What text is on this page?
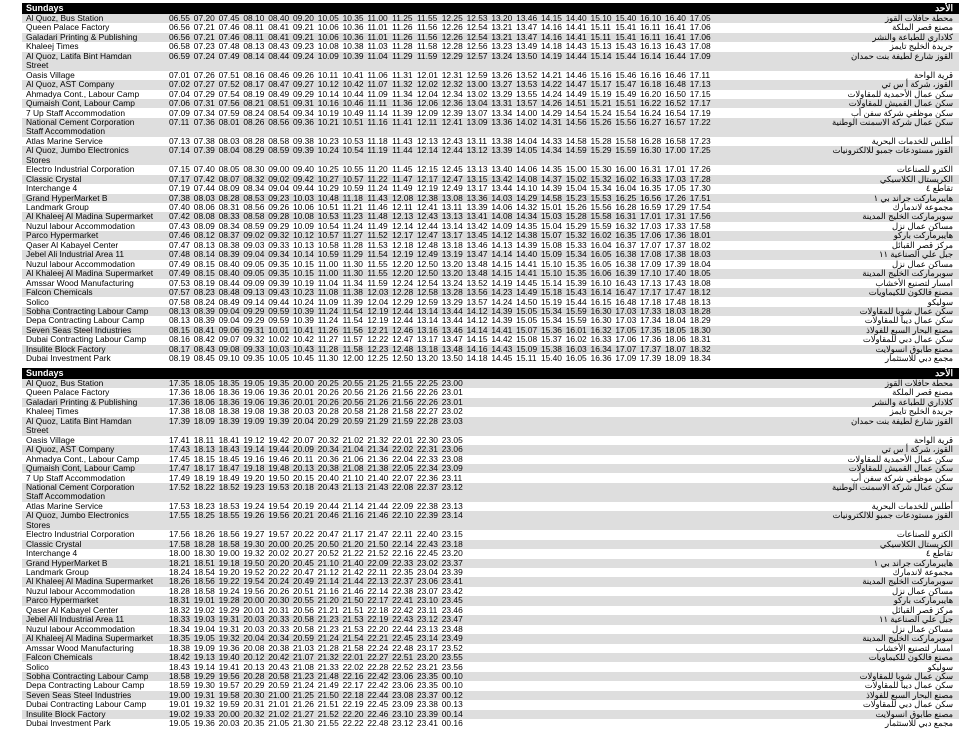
Sundays	الأحد
Al Quoz, Bus Station	06.55 07.20 07.45 08.10 08.40 09.20 10.05 10.35 11.00 11.25 11.55 12.25 12.53 13.20 13.46 14.15 14.40 15.10 15.40 16.10 16.40 17.05	محطة حافلات القوز
Queen Palace Factory	06.56 07.21 07.46 08.11 08.41 09.21 10.06 10.36 11.01 11.26 11.56 12.26 12.54 13.21 13.47 14.16 14.41 15.11 15.41 16.11 16.41 17.06	مصنع قصر الملكة
Galadari Printing & Publishing	06.56 07.21 07.46 08.11 08.41 09.21 10.06 10.36 11.01 11.26 11.56 12.26 12.54 13.21 13.47 14.16 14.41 15.11 15.41 16.11 16.41 17.06	كلاداري للطباعة والنشر
Khaleej Times	06.58 07.23 07.48 08.13 08.43 09.23 10.08 10.38 11.03 11.28 11.58 12.28 12.56 13.23 13.49 14.18 14.43 15.13 15.43 16.13 16.43 17.08	جريدة الخليج تايمز
Al Quoz, Latifa Bint Hamdan
Street
06.59 07.24 07.49 08.14 08.44 09.24 10.09 10.39 11.04 11.29 11.59 12.29 12.57 13.24 13.50 14.19 14.44 15.14 15.44 16.14 16.44 17.09	القوز شارع لطيفة بنت حمدان
Oasis Village	07.01 07.26 07.51 08.16 08.46 09.26 10.11 10.41 11.06 11.31 12.01 12.31 12.59 13.26 13.52 14.21 14.46 15.16 15.46 16.16 16.46 17.11	قرية الواحة
Al Quoz, AST Company	07.02 07.27 07.52 08.17 08.47 09.27 10.12 10.42 11.07 11.32 12.02 12.32 13.00 13.27 13.53 14.22 14.47 15.17 15.47 16.18 16.48 17.13	القوز، شركة أ س تي
Ahmadya Cont., Labour Camp	07.04 07.29 07.54 08.19 08.49 09.29 10.14 10.44 11.09 11.34 12.04 12.34 13.02 13.29 13.55 14.24 14.49 15.19 15.49 16.20 16.50 17.15	سكن عمال الأحمدية للمقاولات
Qumaish Cont, Labour Camp	07.06 07.31 07.56 08.21 08.51 09.31 10.16 10.46 11.11 11.36 12.06 12.36 13.04 13.31 13.57 14.26 14.51 15.21 15.51 16.22 16.52 17.17	سكن عمال القميش للمقاولات
7 Up Staff Accommodation	07.09 07.34 07.59 08.24 08.54 09.34 10.19 10.49 11.14 11.39 12.09 12.39 13.07 13.34 14.00 14.29 14.54 15.24 15.54 16.24 16.54 17.19	سكن موظفي شركة سفن أب
National Cement Corporation
Staff Accommodation
07.11 07.36 08.01 08.26 08.56 09.36 10.21 10.51 11.16 11.41 12.11 12.41 13.09 13.36 14.02 14.31 14.56 15.26 15.56 16.27 16.57 17.22	سكن عمال شركة الاسمنت الوطنية
Atlas Marine Service	07.13 07.38 08.03 08.28 08.58 09.38 10.23 10.53 11.18 11.43 12.13 12.43 13.11 13.38 14.04 14.33 14.58 15.28 15.58 16.28 16.58 17.23	أطلس للخدمات البحرية
Al Quoz, Jumbo Electronics
Stores
07.14 07.39 08.04 08.29 08.59 09.39 10.24 10.54 11.19 11.44 12.14 12.44 13.12 13.39 14.05 14.34 14.59 15.29 15.59 16.30 17.00 17.25	القوز مستودعات جمبو للالكترونيات
Electro Industrial Corporation	07.15 07.40 08.05 08.30 09.00 09.40 10.25 10.55 11.20 11.45 12.15 12.45 13.13 13.40 14.06 14.35 15.00 15.30 16.00 16.31 17.01 17.26	الكترو للصناعات
Classic Crystal	07.17 07.42 08.07 08.32 09.02 09.42 10.27 10.57 11.22 11.47 12.17 12.47 13.15 13.42 14.08 14.37 15.02 15.32 16.02 16.33 17.03 17.28	الكريستال الكلاسيكي
Interchange 4	07.19 07.44 08.09 08.34 09.04 09.44 10.29 10.59 11.24 11.49 12.19 12.49 13.17 13.44 14.10 14.39 15.04 15.34 16.04 16.35 17.05 17.30	تقاطع ٤
Grand HyperMarket B	07.38 08.03 08.28 08.53 09.23 10.03 10.48 11.18 11.43 12.08 12.38 13.08 13.36 14.03 14.29 14.58 15.23 15.53 16.25 16.56 17.26 17.51	هايبرماركت جراند بي ١
Landmark Group	07.40 08.06 08.31 08.56 09.26 10.06 10.51 11.21 11.46 12.11 12.41 13.11 13.39 14.06 14.32 15.01 15.26 15.56 16.28 16.59 17.29 17.54	مجموعة لاندمارك
Al Khaleej Al Madina Supermarket 07.42 08.08 08.33 08.58 09.28 10.08 10.53 11.23 11.48 12.13 12.43 13.13 13.41 14.08 14.34 15.03 15.28 15.58 16.31 17.01 17.31 17.56	سوبرماركت الخليج المدينة
Nuzul labour Accommodation	07.43 08.09 08.34 08.59 09.29 10.09 10.54 11.24 11.49 12.14 12.44 13.14 13.42 14.09 14.35 15.04 15.29 15.59 16.32 17.03 17.33 17.58	مساكن عمال نزل
Parco Hypermarket	07.46 08.12 08.37 09.02 09.32 10.12 10.57 11.27 11.52 12.17 12.47 13.17 13.45 14.12 14.38 15.07 15.32 16.02 16.35 17.06 17.36 18.01	هايبرماركت باركو
Qaser Al Kabayel Center	07.47 08.13 08.38 09.03 09.33 10.13 10.58 11.28 11.53 12.18 12.48 13.18 13.46 14.13 14.39 15.08 15.33 16.04 16.37 17.07 17.37 18.02	مركز قصر القبائل
Jebel Ali Industrial Area 11	07.48 08.14 08.39 09.04 09.34 10.14 10.59 11.29 11.54 12.19 12.49 13.19 13.47 14.14 14.40 15.09 15.34 16.05 16.38 17.08 17.38 18.03	جبل علي الصناعية ١١
Nuzul labour Accommodation	07.49 08.15 08.40 09.05 09.35 10.15 11.00 11.30 11.55 12.20 12.50 13.20 13.48 14.15 14.41 15.10 15.35 16.05 16.38 17.09 17.39 18.04	مساكن عمال نزل
Al Khaleej Al Madina Supermarket 07.49 08.15 08.40 09.05 09.35 10.15 11.00 11.30 11.55 12.20 12.50 13.20 13.48 14.15 14.41 15.10 15.35 16.06 16.39 17.10 17.40 18.05	سوبرماركت الخليج المدينة
Amssar Wood Manufacturing	07.53 08.19 08.44 09.09 09.39 10.19 11.04 11.34 11.59 12.24 12.54 13.24 13.52 14.19 14.45 15.14 15.39 16.10 16.43 17.13 17.43 18.08	امسار لتصنيع الأخشاب
Falcon Chemicals	07.57 08.23 08.48 09.13 09.43 10.23 11.08 11.38 12.03 12.28 12.58 13.28 13.56 14.23 14.49 15.18 15.43 16.14 16.47 17.17 17.47 18.12	مصنع فالكون للكيماويات
Solico	07.58 08.24 08.49 09.14 09.44 10.24 11.09 11.39 12.04 12.29 12.59 13.29 13.57 14.24 14.50 15.19 15.44 16.15 16.48 17.18 17.48 18.13	سوليكو
Sobha Contracting Labour Camp 08.13 08.39 09.04 09.29 09.59 10.39 11.24 11.54 12.19 12.44 13.14 13.44 14.12 14.39 15.05 15.34 15.59 16.30 17.03 17.33 18.03 18.28	سكن عمال شوبا للمقاولات
Depa Contracting Labour Camp	08.13 08.39 09.04 09.29 09.59 10.39 11.24 11.54 12.19 12.44 13.14 13.44 14.12 14.39 15.05 15.34 15.59 16.30 17.03 17.34 18.04 18.29	سكن عمال ديبا للمقاولات
Seven Seas Steel Industries	08.15 08.41 09.06 09.31 10.01 10.41 11.26 11.56 12.21 12.46 13.16 13.46 14.14 14.41 15.07 15.36 16.01 16.32 17.05 17.35 18.05 18.30	مصنع البحار السبع للفولاذ
Dubai Contracting Labour Camp	08.16 08.42 09.07 09.32 10.02 10.42 11.27 11.57 12.22 12.47 13.17 13.47 14.15 14.42 15.08 15.37 16.02 16.33 17.06 17.36 18.06 18.31	سكن عمال دبي للمقاولات
Insulite Block Factory	08.17 08.43 09.08 09.33 10.03 10.43 11.28 11.58 12.23 12.48 13.18 13.48 14.16 14.43 15.09 15.38 16.03 16.34 17.07 17.37 18.07 18.32	مصنع طابوق انسولايت
Dubai Investment Park	08.19 08.45 09.10 09.35 10.05 10.45 11.30 12.00 12.25 12.50 13.20 13.50 14.18 14.45 15.11 15.40 16.05 16.36 17.09 17.39 18.09 18.34	مجمع دبي للاستثمار
Sundays	الأحد
Al Quoz, Bus Station	17.35 18.05 18.35 19.05 19.35 20.00 20.25 20.55 21.25 21.55 22.25 23.00	محطة حافلات القوز
Queen Palace Factory	17.36 18.06 18.36 19.06 19.36 20.01 20.26 20.56 21.26 21.56 22.26 23.01	مصنع قصر الملكة
Galadari Printing & Publishing	17.36 18.06 18.36 19.06 19.36 20.01 20.26 20.56 21.26 21.56 22.26 23.01	كلاداري للطباعة والنشر
Khaleej Times	17.38 18.08 18.38 19.08 19.38 20.03 20.28 20.58 21.28 21.58 22.27 23.02	جريدة الخليج تايمز
Al Quoz, Latifa Bint Hamdan
Street
17.39 18.09 18.39 19.09 19.39 20.04 20.29 20.59 21.29 21.59 22.28 23.03	القوز شارع لطيفة بنت حمدان
Oasis Village	17.41 18.11 18.41 19.12 19.42 20.07 20.32 21.02 21.32 22.01 22.30 23.05	قرية الواحة
Al Quoz, AST Company	17.43 18.13 18.43 19.14 19.44 20.09 20.34 21.04 21.34 22.02 22.31 23.06	القوز، شركة أ س تي
Ahmadya Cont., Labour Camp	17.45 18.15 18.45 19.16 19.46 20.11 20.36 21.06 21.36 22.04 22.33 23.08	سكن عمال الأحمدية للمقاولات
Qumaish Cont, Labour Camp	17.47 18.17 18.47 19.18 19.48 20.13 20.38 21.08 21.38 22.05 22.34 23.09	سكن عمال القميش للمقاولات
7 Up Staff Accommodation	17.49 18.19 18.49 19.20 19.50 20.15 20.40 21.10 21.40 22.07 22.36 23.11	سكن موظفي شركة سفن أب
National Cement Corporation
Staff Accommodation
17.52 18.22 18.52 19.23 19.53 20.18 20.43 21.13 21.43 22.08 22.37 23.12	سكن عمال شركة الاسمنت الوطنية
Atlas Marine Service	17.53 18.23 18.53 19.24 19.54 20.19 20.44 21.14 21.44 22.09 22.38 23.13	أطلس للخدمات البحرية
Al Quoz, Jumbo Electronics
Stores
17.55 18.25 18.55 19.26 19.56 20.21 20.46 21.16 21.46 22.10 22.39 23.14	القوز مستودعات جمبو للالكترونيات
Electro Industrial Corporation	17.56 18.26 18.56 19.27 19.57 20.22 20.47 21.17 21.47 22.11 22.40 23.15	الكترو للصناعات
Classic Crystal	17.58 18.28 18.58 19.30 20.00 20.25 20.50 21.20 21.50 22.14 22.43 23.18	الكريستال الكلاسيكي
Interchange 4	18.00 18.30 19.00 19.32 20.02 20.27 20.52 21.22 21.52 22.16 22.45 23.20	تقاطع ٤
Grand HyperMarket B	18.21 18.51 19.18 19.50 20.20 20.45 21.10 21.40 22.09 22.33 23.02 23.37	هايبرماركت جراند بي ١
Landmark Group	18.24 18.54 19.20 19.52 20.22 20.47 21.12 21.42 22.11 22.35 23.04 23.39	مجموعة لاندمارك
Al Khaleej Al Madina Supermarket 18.26 18.56 19.22 19.54 20.24 20.49 21.14 21.44 22.13 22.37 23.06 23.41	سوبرماركت الخليج المدينة
Nuzul labour Accommodation	18.28 18.58 19.24 19.56 20.26 20.51 21.16 21.46 22.14 22.38 23.07 23.42	مساكن عمال نزل
Parco Hypermarket	18.31 19.01 19.28 20.00 20.30 20.55 21.20 21.50 22.17 22.41 23.10 23.45	هايبرماركت باركو
Qaser Al Kabayel Center	18.32 19.02 19.29 20.01 20.31 20.56 21.21 21.51 22.18 22.42 23.11 23.46	مركز قصر القبائل
Jebel Ali Industrial Area 11	18.33 19.03 19.31 20.03 20.33 20.58 21.23 21.53 22.19 22.43 23.12 23.47	جبل علي الصناعية ١١
Nuzul labour Accommodation	18.34 19.04 19.31 20.03 20.33 20.58 21.23 21.53 22.20 22.44 23.13 23.48	مساكن عمال نزل
Al Khaleej Al Madina Supermarket 18.35 19.05 19.32 20.04 20.34 20.59 21.24 21.54 22.21 22.45 23.14 23.49	سوبرماركت الخليج المدينة
Amssar Wood Manufacturing	18.38 19.09 19.36 20.08 20.38 21.03 21.28 21.58 22.24 22.48 23.17 23.52	امسار لتصنيع الأخشاب
Falcon Chemicals	18.42 19.13 19.40 20.12 20.42 21.07 21.32 22.01 22.27 22.51 23.20 23.55	مصنع فالكون للكيماويات
Solico	18.43 19.14 19.41 20.13 20.43 21.08 21.33 22.02 22.28 22.52 23.21 23.56	سوليكو
Sobha Contracting Labour Camp 18.58 19.29 19.56 20.28 20.58 21.23 21.48 22.16 22.42 23.06 23.35 00.10	سكن عمال شوبا للمقاولات
Depa Contracting Labour Camp	18.59 19.30 19.57 20.29 20.59 21.24 21.49 22.17 22.42 23.06 23.35 00.10	سكن عمال ديبا للمقاولات
Seven Seas Steel Industries	19.00 19.31 19.58 20.30 21.00 21.25 21.50 22.18 22.44 23.08 23.37 00.12	مصنع البحار السبع للفولاذ
Dubai Contracting Labour Camp	19.01 19.32 19.59 20.31 21.01 21.26 21.51 22.19 22.45 23.09 23.38 00.13	سكن عمال دبي للمقاولات
Insulite Block Factory	19.02 19.33 20.00 20.32 21.02 21.27 21.52 22.20 22.46 23.10 23.39 00.14	مصنع طابوق انسولايت
Dubai Investment Park	19.05 19.36 20.03 20.35 21.05 21.30 21.55 22.22 22.48 23.12 23.41 00.16	مجمع دبي للاستثمار
